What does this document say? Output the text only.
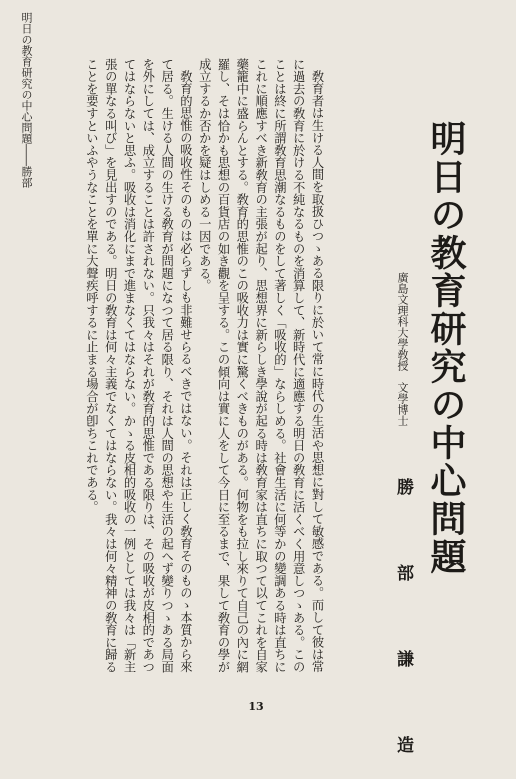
明日の教育研究の中心問題――勝部	敎育者は生ける人間を取扱ひつゝある限りに於いて常に時代の生活や思想に對して敏感である。而して彼は常に過去の敎育に於ける不純なるものを消算して、新時代に適應する明日の敎育に活くべく用意しつゝある。このことは終に所謂敎育思潮なるものをして著しく「吸收的」ならしめる。社會生活に何等かの變調ある時は直ちにこれに順應すべき新敎育の主張が起り、思想界に新らしき學說が起る時は敎育家は直ちに取つて以てこれを自家藥籠中に盛らんとする。敎育的思惟のこの吸收力は實に驚くべきものがある。何物をも拉し來りて自己の內に網羅し、そは恰かも思想の百貨店の如き觀を呈する。この傾向は實に人をして今日に至るまで、果して敎育の學が成立するか否かを疑はしめる一因である。

敎育的思惟の吸收性そのものは必らずしも非難せらるべきではない。それは正しく敎育そのものゝ本質から來て居る。生ける人間の生ける敎育が問題になつて居る限り、それは人間の思想や生活の起へず變りつゝある局面を外にしては、成立することは許されない。只我々はそれが敎育的思惟である限りは、その吸收が皮相的であつてはならないと思ふ。吸收は消化にまで進まなくてはならない。かゝる皮相的吸收の一例としては我々は「新主張の單なる叫び」を見出すのである。明日の敎育は何々主義でなくてはならない。我々は何々精神の敎育に歸ることを要すといふやうなことを單に大聲疾呼するに止まる場合が卽ちこれである。	明日の教育研究の中心問題
廣島文理科大學敎授　文學博士
勝　部　謙　造
13
